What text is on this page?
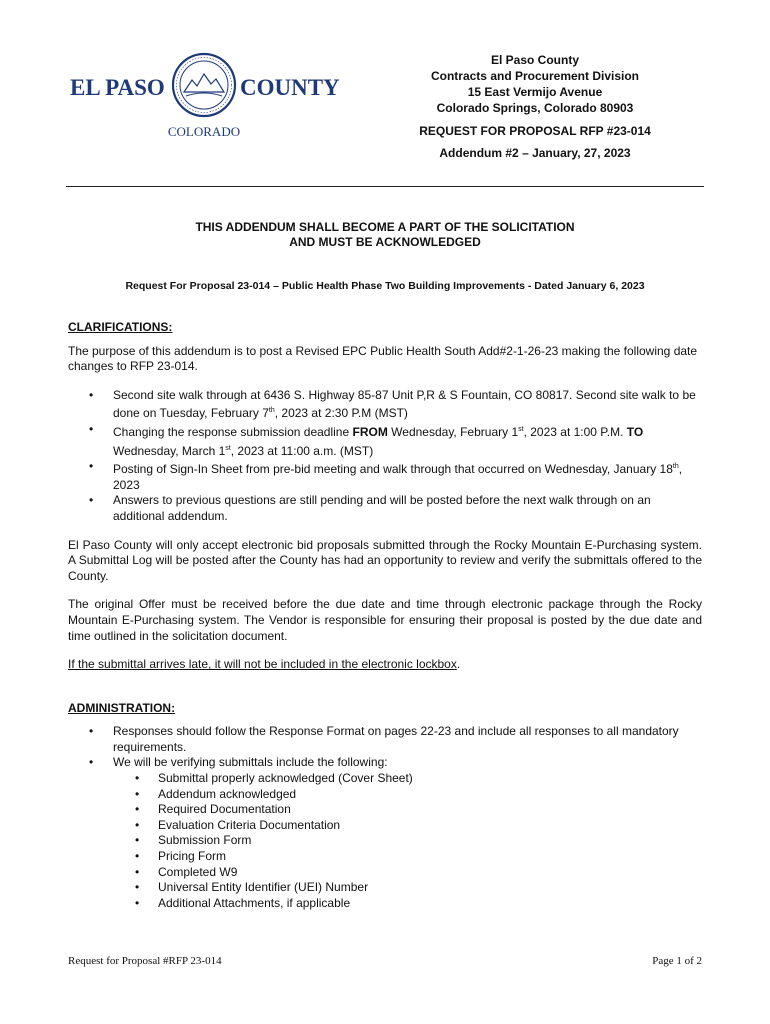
EL PASO	COUNTY
COLORADO
El Paso County
Contracts and Procurement Division
15 East Vermijo Avenue
Colorado Springs, Colorado 80903
REQUEST FOR PROPOSAL RFP #23-014
Addendum #2 – January, 27, 2023
THIS ADDENDUM SHALL BECOME A PART OF THE SOLICITATION
AND MUST BE ACKNOWLEDGED
Request For Proposal 23-014 – Public Health Phase Two Building Improvements - Dated January 6, 2023
CLARIFICATIONS:

The purpose of this addendum is to post a Revised EPC Public Health South Add#2-1-26-23 making the following date changes to RFP 23-014.

• Second site walk through at 6436 S. Highway 85-87 Unit P,R & S Fountain, CO 80817. Second site walk to be done on Tuesday, February 7th, 2023 at 2:30 P.M (MST)
• Changing the response submission deadline FROM Wednesday, February 1st, 2023 at 1:00 P.M. TO Wednesday, March 1st, 2023 at 11:00 a.m. (MST)
• Posting of Sign-In Sheet from pre-bid meeting and walk through that occurred on Wednesday, January 18th, 2023
• Answers to previous questions are still pending and will be posted before the next walk through on an additional addendum.

El Paso County will only accept electronic bid proposals submitted through the Rocky Mountain E-Purchasing system. A Submittal Log will be posted after the County has had an opportunity to review and verify the submittals offered to the County.

The original Offer must be received before the due date and time through electronic package through the Rocky Mountain E-Purchasing system. The Vendor is responsible for ensuring their proposal is posted by the due date and time outlined in the solicitation document.

If the submittal arrives late, it will not be included in the electronic lockbox.

ADMINISTRATION:
• Responses should follow the Response Format on pages 22-23 and include all responses to all mandatory requirements.
• We will be verifying submittals include the following:
• Submittal properly acknowledged (Cover Sheet)
• Addendum acknowledged
• Required Documentation
• Evaluation Criteria Documentation
• Submission Form
• Pricing Form
• Completed W9
• Universal Entity Identifier (UEI) Number
• Additional Attachments, if applicable
Request for Proposal #RFP 23-014	Page 1 of 2
